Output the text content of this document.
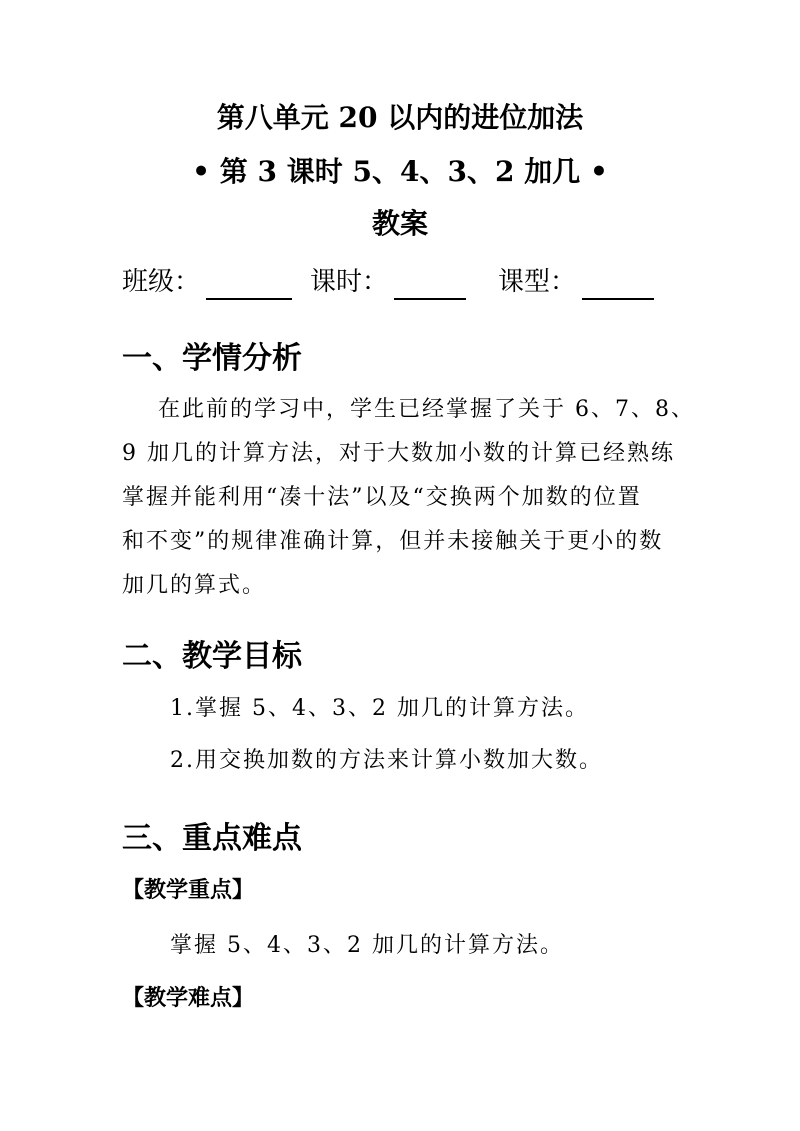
第八单元 20 以内的进位加法
• 第 3 课时 5、4、3、2 加几 •
教案
班级：	课时：	课型：
一、学情分析
在此前的学习中，学生已经掌握了关于 6、7、8、
9 加几的计算方法，对于大数加小数的计算已经熟练
掌握并能利用“凑十法”以及“交换两个加数的位置
和不变”的规律准确计算，但并未接触关于更小的数
加几的算式。
二、教学目标
1.掌握 5、4、3、2 加几的计算方法。
2.用交换加数的方法来计算小数加大数。
三、重点难点
【教学重点】
掌握 5、4、3、2 加几的计算方法。
【教学难点】
